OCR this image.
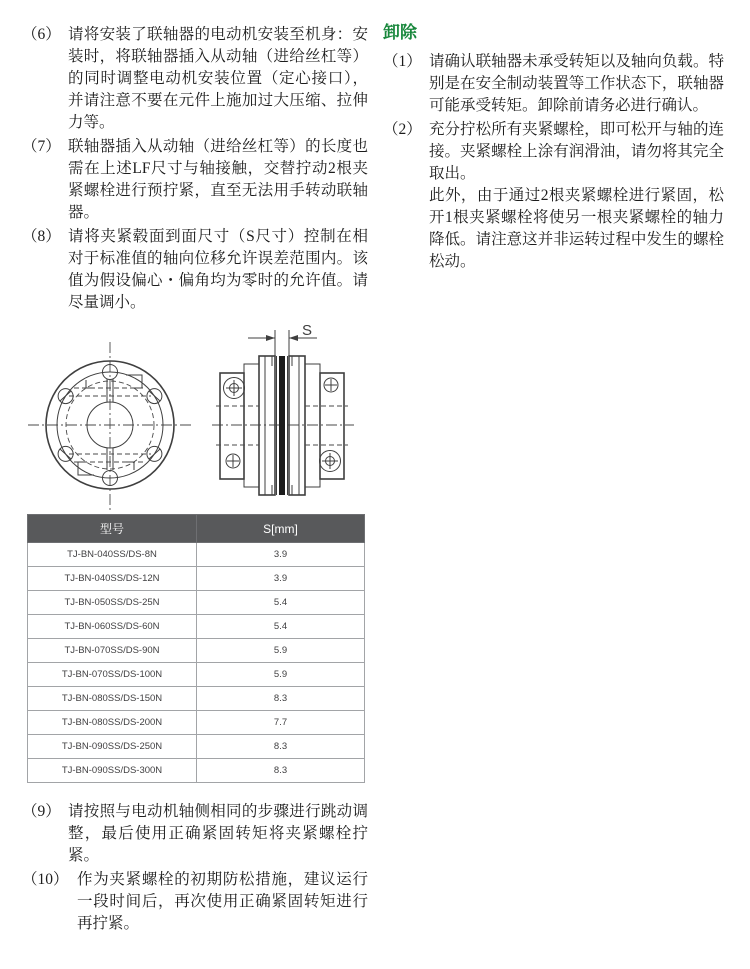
（6） 请将安装了联轴器的电动机安装至机身：安装时，将联轴器插入从动轴（进给丝杠等）的同时调整电动机安装位置（定心接口），并请注意不要在元件上施加过大压缩、拉伸力等。
（7） 联轴器插入从动轴（进给丝杠等）的长度也需在上述LF尺寸与轴接触，交替拧动2根夹紧螺栓进行预拧紧，直至无法用手转动联轴器。
（8） 请将夹紧毂面到面尺寸（S尺寸）控制在相对于标准值的轴向位移允许误差范围内。该值为假设偏心・偏角均为零时的允许值。请尽量调小。
S
型号	S[mm]
TJ-BN-040SS/DS-8N	3.9
TJ-BN-040SS/DS-12N	3.9
TJ-BN-050SS/DS-25N	5.4
TJ-BN-060SS/DS-60N	5.4
TJ-BN-070SS/DS-90N	5.9
TJ-BN-070SS/DS-100N	5.9
TJ-BN-080SS/DS-150N	8.3
TJ-BN-080SS/DS-200N	7.7
TJ-BN-090SS/DS-250N	8.3
TJ-BN-090SS/DS-300N	8.3
（9） 请按照与电动机轴侧相同的步骤进行跳动调整，最后使用正确紧固转矩将夹紧螺栓拧紧。
（10） 作为夹紧螺栓的初期防松措施，建议运行一段时间后，再次使用正确紧固转矩进行再拧紧。
卸除
（1） 请确认联轴器未承受转矩以及轴向负载。特别是在安全制动装置等工作状态下，联轴器可能承受转矩。卸除前请务必进行确认。
（2） 充分拧松所有夹紧螺栓，即可松开与轴的连接。夹紧螺栓上涂有润滑油，请勿将其完全取出。
此外，由于通过2根夹紧螺栓进行紧固，松开1根夹紧螺栓将使另一根夹紧螺栓的轴力降低。请注意这并非运转过程中发生的螺栓松动。
